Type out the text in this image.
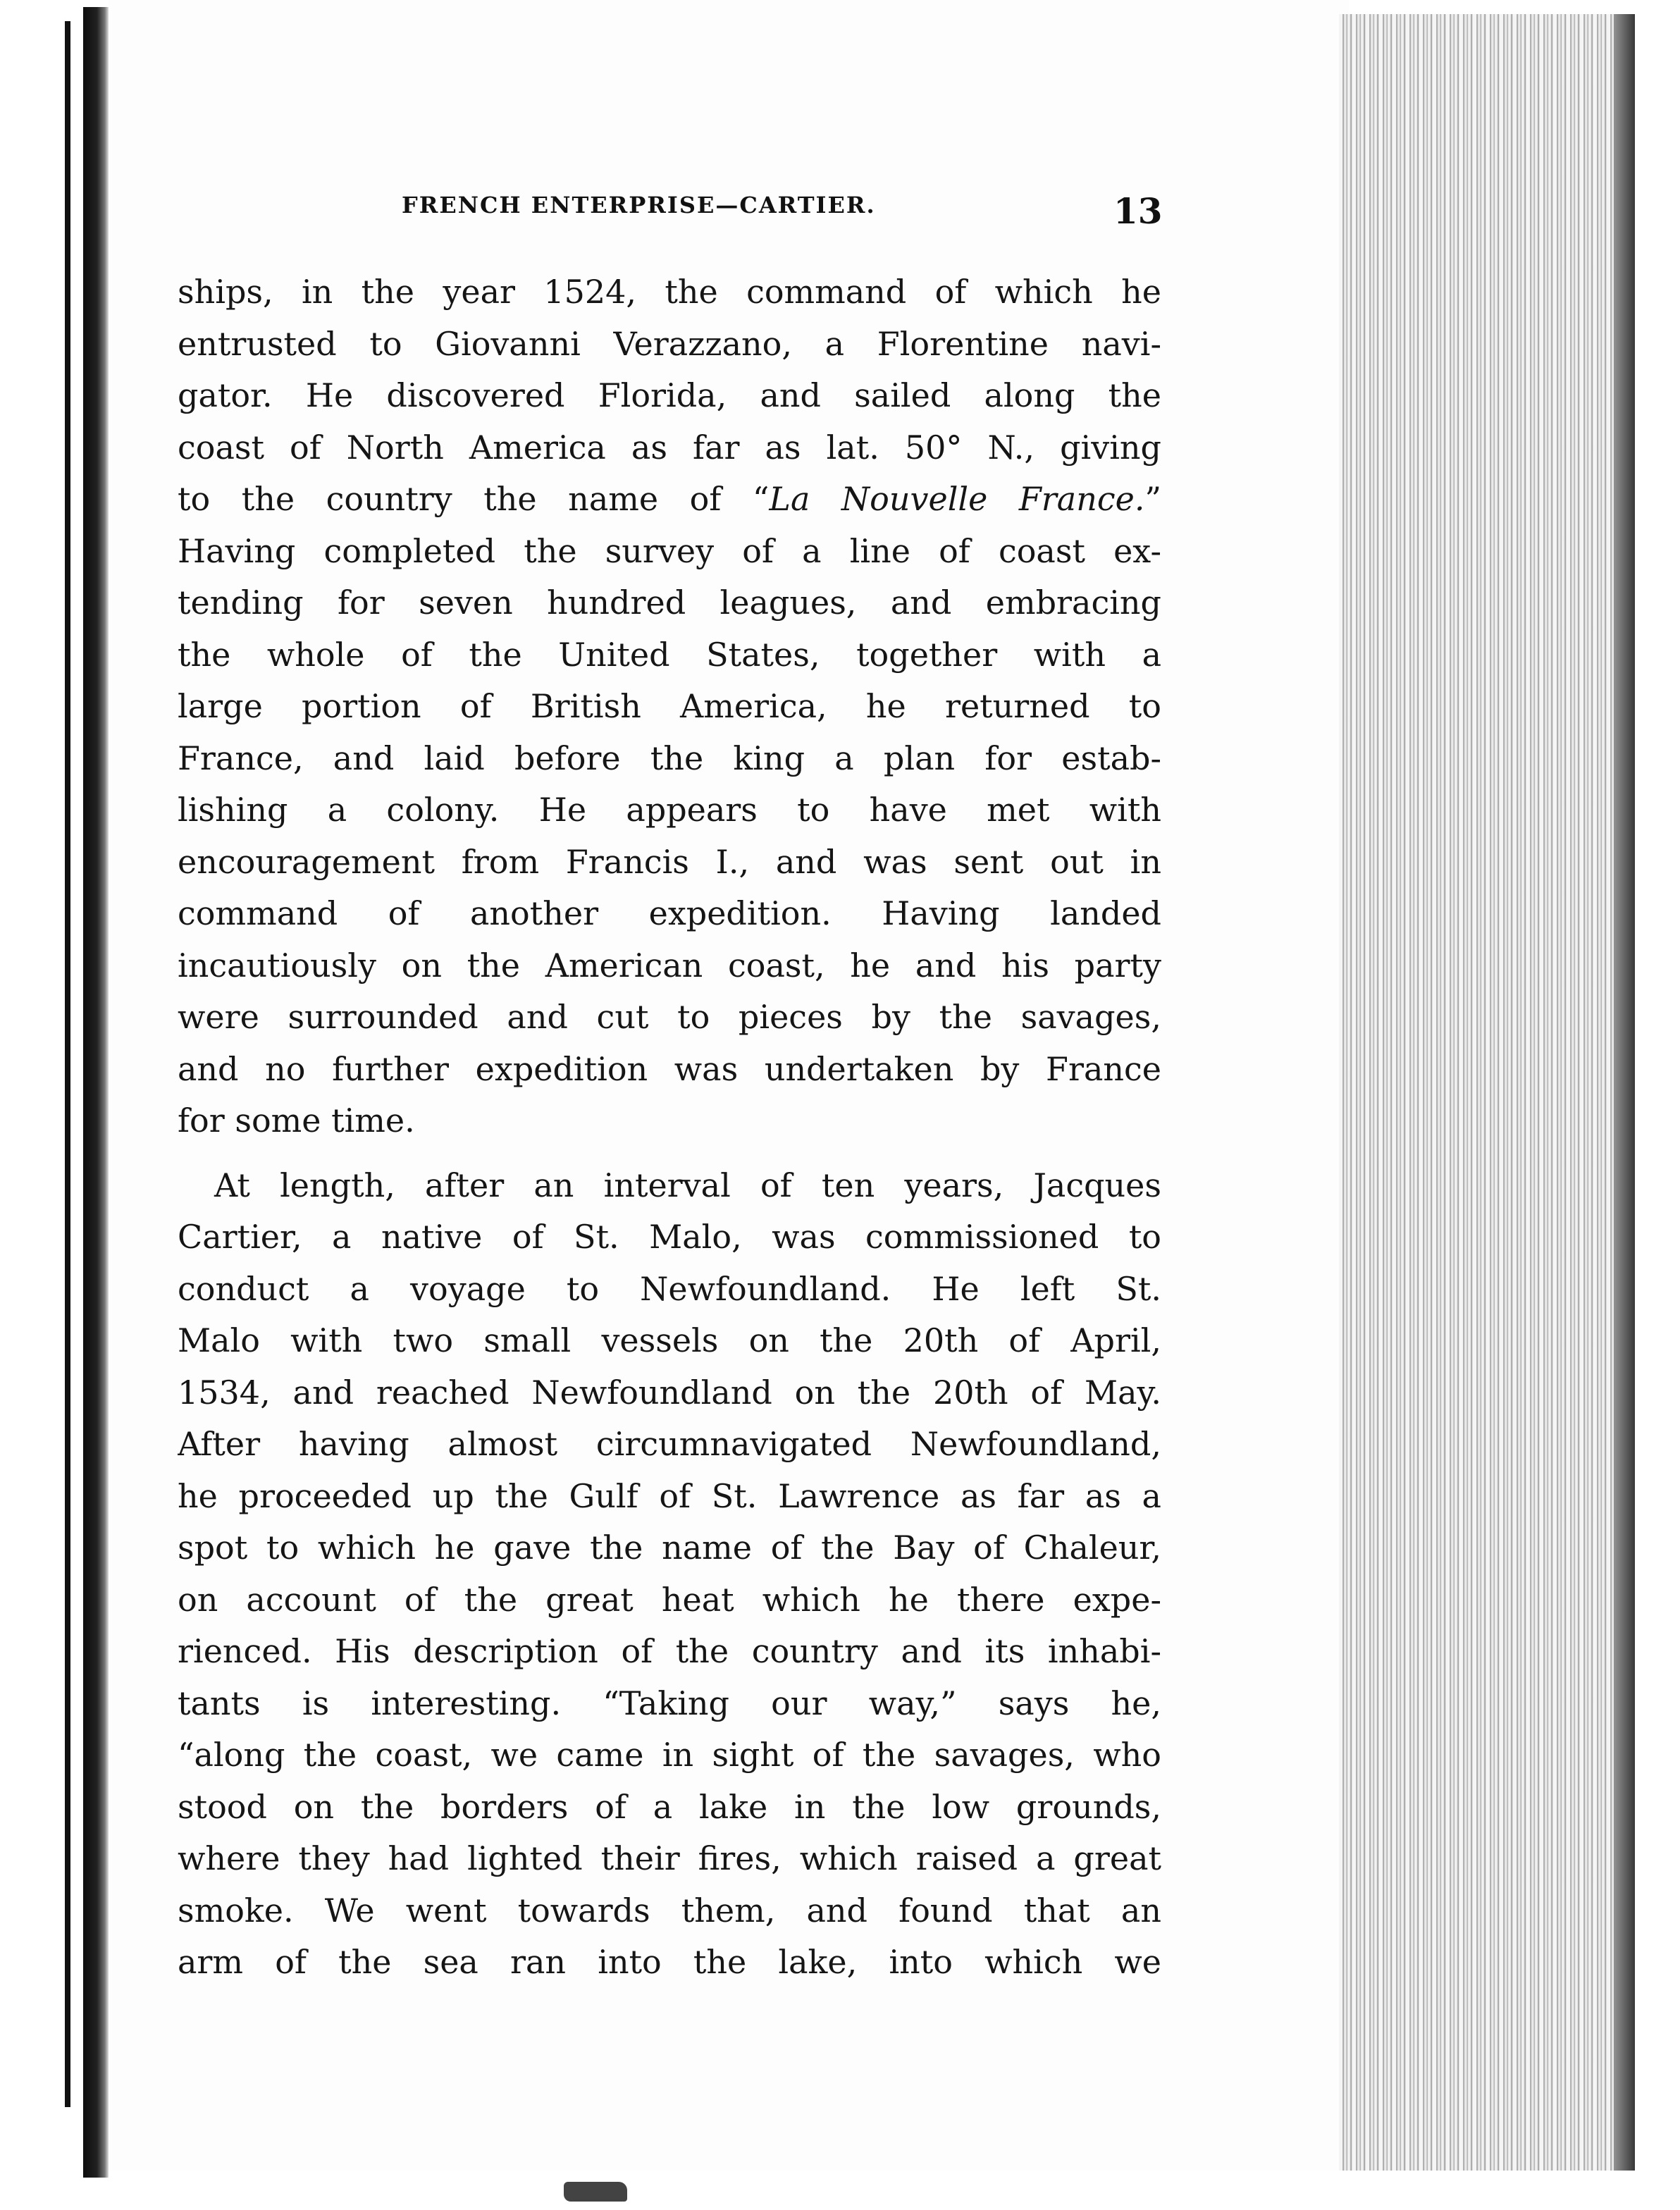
FRENCH ENTERPRISE—CARTIER.	13
ships, in the year 1524, the command of which he
entrusted to Giovanni Verazzano, a Florentine navi-
gator. He discovered Florida, and sailed along the
coast of North America as far as lat. 50° N., giving
to the country the name of “La Nouvelle France.”
Having completed the survey of a line of coast ex-
tending for seven hundred leagues, and embracing
the whole of the United States, together with a
large portion of British America, he returned to
France, and laid before the king a plan for estab-
lishing a colony. He appears to have met with
encouragement from Francis I., and was sent out in
command of another expedition. Having landed
incautiously on the American coast, he and his party
were surrounded and cut to pieces by the savages,
and no further expedition was undertaken by France
for some time.
At length, after an interval of ten years, Jacques
Cartier, a native of St. Malo, was commissioned to
conduct a voyage to Newfoundland. He left St.
Malo with two small vessels on the 20th of April,
1534, and reached Newfoundland on the 20th of May.
After having almost circumnavigated Newfoundland,
he proceeded up the Gulf of St. Lawrence as far as a
spot to which he gave the name of the Bay of Chaleur,
on account of the great heat which he there expe-
rienced. His description of the country and its inhabi-
tants is interesting. “Taking our way,” says he,
“along the coast, we came in sight of the savages, who
stood on the borders of a lake in the low grounds,
where they had lighted their fires, which raised a great
smoke. We went towards them, and found that an
arm of the sea ran into the lake, into which we
